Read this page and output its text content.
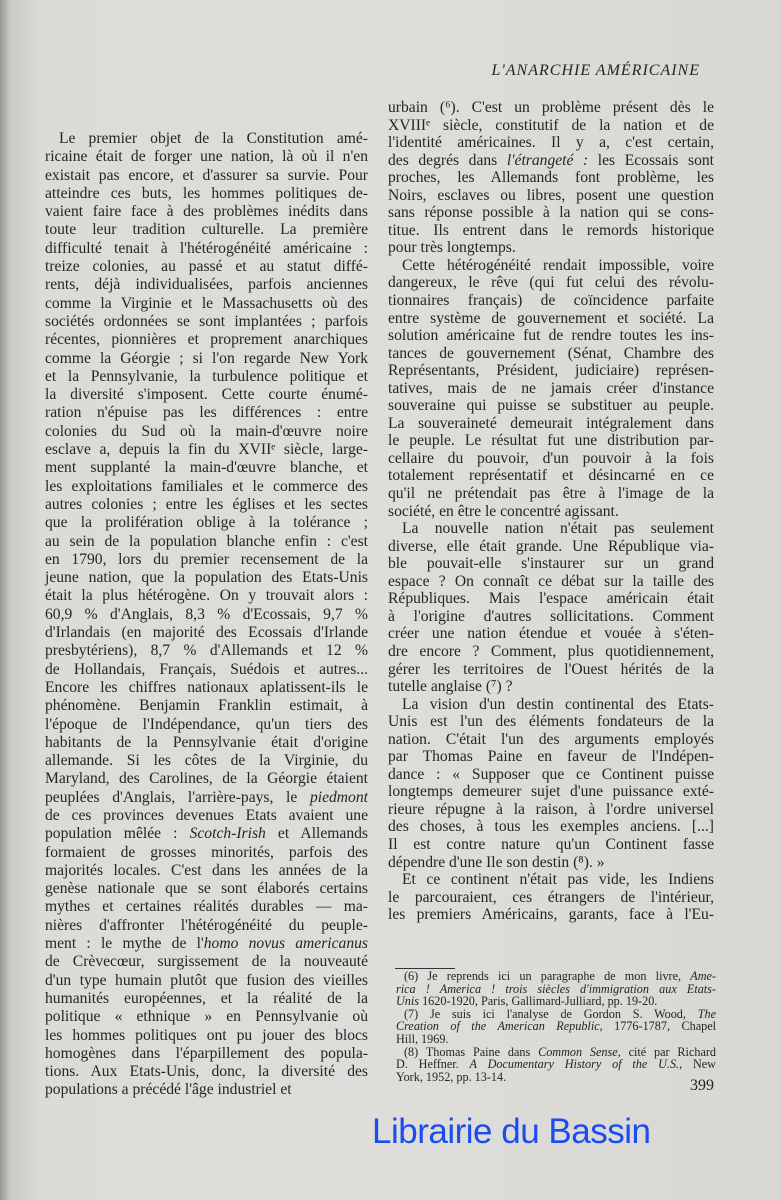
L'ANARCHIE AMÉRICAINE
Le premier objet de la Constitution amé-
ricaine était de forger une nation, là où il n'en
existait pas encore, et d'assurer sa survie. Pour
atteindre ces buts, les hommes politiques de-
vaient faire face à des problèmes inédits dans
toute leur tradition culturelle. La première
difficulté tenait à l'hétérogénéité américaine :
treize colonies, au passé et au statut diffé-
rents, déjà individualisées, parfois anciennes
comme la Virginie et le Massachusetts où des
sociétés ordonnées se sont implantées ; parfois
récentes, pionnières et proprement anarchiques
comme la Géorgie ; si l'on regarde New York
et la Pennsylvanie, la turbulence politique et
la diversité s'imposent. Cette courte énumé-
ration n'épuise pas les différences : entre
colonies du Sud où la main-d'œuvre noire
esclave a, depuis la fin du XVIIᵉ siècle, large-
ment supplanté la main-d'œuvre blanche, et
les exploitations familiales et le commerce des
autres colonies ; entre les églises et les sectes
que la prolifération oblige à la tolérance ;
au sein de la population blanche enfin : c'est
en 1790, lors du premier recensement de la
jeune nation, que la population des Etats-Unis
était la plus hétérogène. On y trouvait alors :
60,9 % d'Anglais, 8,3 % d'Ecossais, 9,7 %
d'Irlandais (en majorité des Ecossais d'Irlande
presbytériens), 8,7 % d'Allemands et 12 %
de Hollandais, Français, Suédois et autres...
Encore les chiffres nationaux aplatissent-ils le
phénomène. Benjamin Franklin estimait, à
l'époque de l'Indépendance, qu'un tiers des
habitants de la Pennsylvanie était d'origine
allemande. Si les côtes de la Virginie, du
Maryland, des Carolines, de la Géorgie étaient
peuplées d'Anglais, l'arrière-pays, le piedmont
de ces provinces devenues Etats avaient une
population mêlée : Scotch-Irish et Allemands
formaient de grosses minorités, parfois des
majorités locales. C'est dans les années de la
genèse nationale que se sont élaborés certains
mythes et certaines réalités durables — ma-
nières d'affronter l'hétérogénéité du peuple-
ment : le mythe de l'homo novus americanus
de Crèvecœur, surgissement de la nouveauté
d'un type humain plutôt que fusion des vieilles
humanités européennes, et la réalité de la
politique « ethnique » en Pennsylvanie où
les hommes politiques ont pu jouer des blocs
homogènes dans l'éparpillement des popula-
tions. Aux Etats-Unis, donc, la diversité des
populations a précédé l'âge industriel et
urbain (⁶). C'est un problème présent dès le
XVIIIᵉ siècle, constitutif de la nation et de
l'identité américaines. Il y a, c'est certain,
des degrés dans l'étrangeté : les Ecossais sont
proches, les Allemands font problème, les
Noirs, esclaves ou libres, posent une question
sans réponse possible à la nation qui se cons-
titue. Ils entrent dans le remords historique
pour très longtemps.
Cette hétérogénéité rendait impossible, voire
dangereux, le rêve (qui fut celui des révolu-
tionnaires français) de coïncidence parfaite
entre système de gouvernement et société. La
solution américaine fut de rendre toutes les ins-
tances de gouvernement (Sénat, Chambre des
Représentants, Président, judiciaire) représen-
tatives, mais de ne jamais créer d'instance
souveraine qui puisse se substituer au peuple.
La souveraineté demeurait intégralement dans
le peuple. Le résultat fut une distribution par-
cellaire du pouvoir, d'un pouvoir à la fois
totalement représentatif et désincarné en ce
qu'il ne prétendait pas être à l'image de la
société, en être le concentré agissant.
La nouvelle nation n'était pas seulement
diverse, elle était grande. Une République via-
ble pouvait-elle s'instaurer sur un grand
espace ? On connaît ce débat sur la taille des
Républiques. Mais l'espace américain était
à l'origine d'autres sollicitations. Comment
créer une nation étendue et vouée à s'éten-
dre encore ? Comment, plus quotidiennement,
gérer les territoires de l'Ouest hérités de la
tutelle anglaise (⁷) ?
La vision d'un destin continental des Etats-
Unis est l'un des éléments fondateurs de la
nation. C'était l'un des arguments employés
par Thomas Paine en faveur de l'Indépen-
dance : « Supposer que ce Continent puisse
longtemps demeurer sujet d'une puissance exté-
rieure répugne à la raison, à l'ordre universel
des choses, à tous les exemples anciens. [...]
Il est contre nature qu'un Continent fasse
dépendre d'une Ile son destin (⁸). »
Et ce continent n'était pas vide, les Indiens
le parcouraient, ces étrangers de l'intérieur,
les premiers Américains, garants, face à l'Eu-
(6) Je reprends ici un paragraphe de mon livre, Ame-
rica ! America ! trois siècles d'immigration aux Etats-
Unis 1620-1920, Paris, Gallimard-Julliard, pp. 19-20.
(7) Je suis ici l'analyse de Gordon S. Wood, The
Creation of the American Republic, 1776-1787, Chapel
Hill, 1969.
(8) Thomas Paine dans Common Sense, cité par Richard
D. Heffner. A Documentary History of the U.S., New
York, 1952, pp. 13-14.
399
Librairie du Bassin
